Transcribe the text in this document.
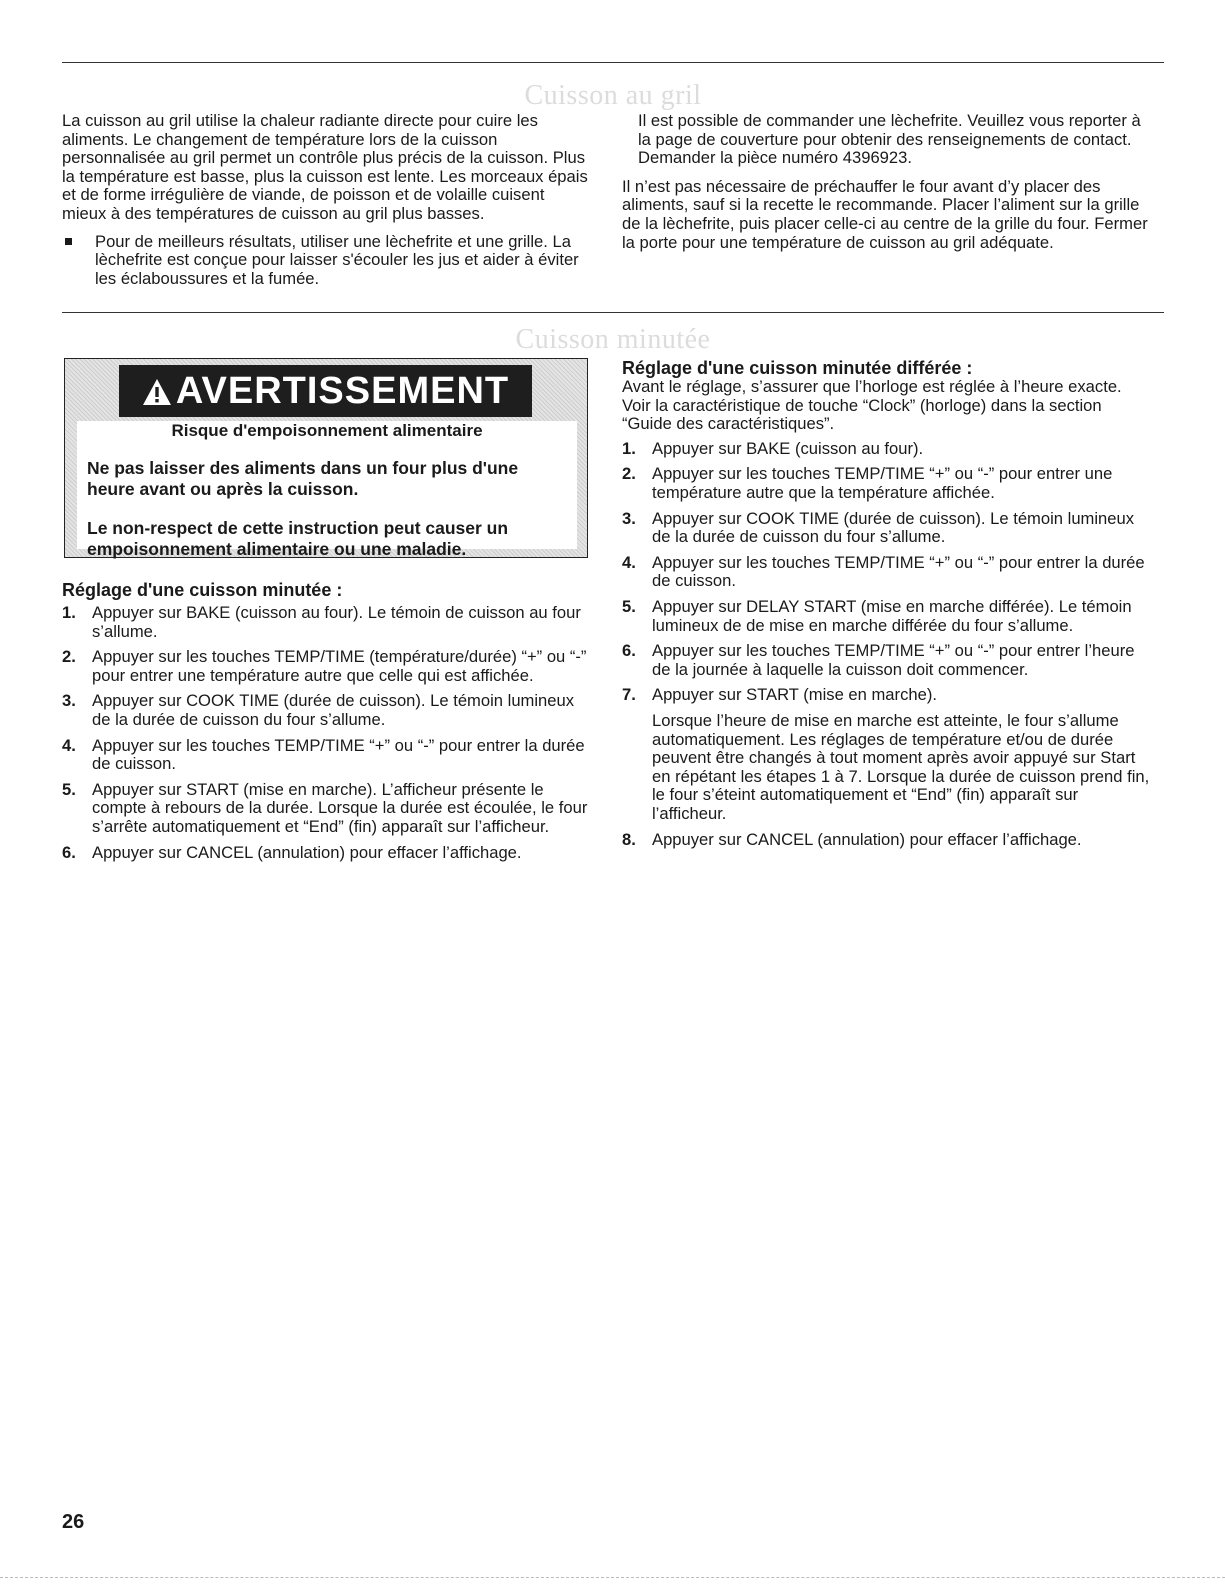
Cuisson au gril

La cuisson au gril utilise la chaleur radiante directe pour cuire les aliments. Le changement de température lors de la cuisson personnalisée au gril permet un contrôle plus précis de la cuisson. Plus la température est basse, plus la cuisson est lente. Les morceaux épais et de forme irrégulière de viande, de poisson et de volaille cuisent mieux à des températures de cuisson au gril plus basses.

Pour de meilleurs résultats, utiliser une lèchefrite et une grille. La lèchefrite est conçue pour laisser s'écouler les jus et aider à éviter les éclaboussures et la fumée.

Il est possible de commander une lèchefrite. Veuillez vous reporter à la page de couverture pour obtenir des renseignements de contact. Demander la pièce numéro 4396923.

Il n’est pas nécessaire de préchauffer le four avant d’y placer des aliments, sauf si la recette le recommande. Placer l’aliment sur la grille de la lèchefrite, puis placer celle-ci au centre de la grille du four. Fermer la porte pour une température de cuisson au gril adéquate.

Cuisson minutée
AVERTISSEMENT

Risque d'empoisonnement alimentaire

Ne pas laisser des aliments dans un four plus d'une heure avant ou après la cuisson.

Le non-respect de cette instruction peut causer un empoisonnement alimentaire ou une maladie.

Réglage d'une cuisson minutée :

1. Appuyer sur BAKE (cuisson au four). Le témoin de cuisson au four s’allume.
2. Appuyer sur les touches TEMP/TIME (température/durée) “+” ou “-” pour entrer une température autre que celle qui est affichée.
3. Appuyer sur COOK TIME (durée de cuisson). Le témoin lumineux de la durée de cuisson du four s’allume.
4. Appuyer sur les touches TEMP/TIME “+” ou “-” pour entrer la durée de cuisson.
5. Appuyer sur START (mise en marche). L’afficheur présente le compte à rebours de la durée. Lorsque la durée est écoulée, le four s’arrête automatiquement et “End” (fin) apparaît sur l’afficheur.
6. Appuyer sur CANCEL (annulation) pour effacer l’affichage.

Réglage d'une cuisson minutée différée :

Avant le réglage, s’assurer que l’horloge est réglée à l’heure exacte. Voir la caractéristique de touche “Clock” (horloge) dans la section “Guide des caractéristiques”.

1. Appuyer sur BAKE (cuisson au four).
2. Appuyer sur les touches TEMP/TIME “+” ou “-” pour entrer une température autre que la température affichée.
3. Appuyer sur COOK TIME (durée de cuisson). Le témoin lumineux de la durée de cuisson du four s’allume.
4. Appuyer sur les touches TEMP/TIME “+” ou “-” pour entrer la durée de cuisson.
5. Appuyer sur DELAY START (mise en marche différée). Le témoin lumineux de de mise en marche différée du four s’allume.
6. Appuyer sur les touches TEMP/TIME “+” ou “-” pour entrer l’heure de la journée à laquelle la cuisson doit commencer.
7. Appuyer sur START (mise en marche).

Lorsque l’heure de mise en marche est atteinte, le four s’allume automatiquement. Les réglages de température et/ou de durée peuvent être changés à tout moment après avoir appuyé sur Start en répétant les étapes 1 à 7. Lorsque la durée de cuisson prend fin, le four s’éteint automatiquement et “End” (fin) apparaît sur l’afficheur.

8. Appuyer sur CANCEL (annulation) pour effacer l’affichage.
26
